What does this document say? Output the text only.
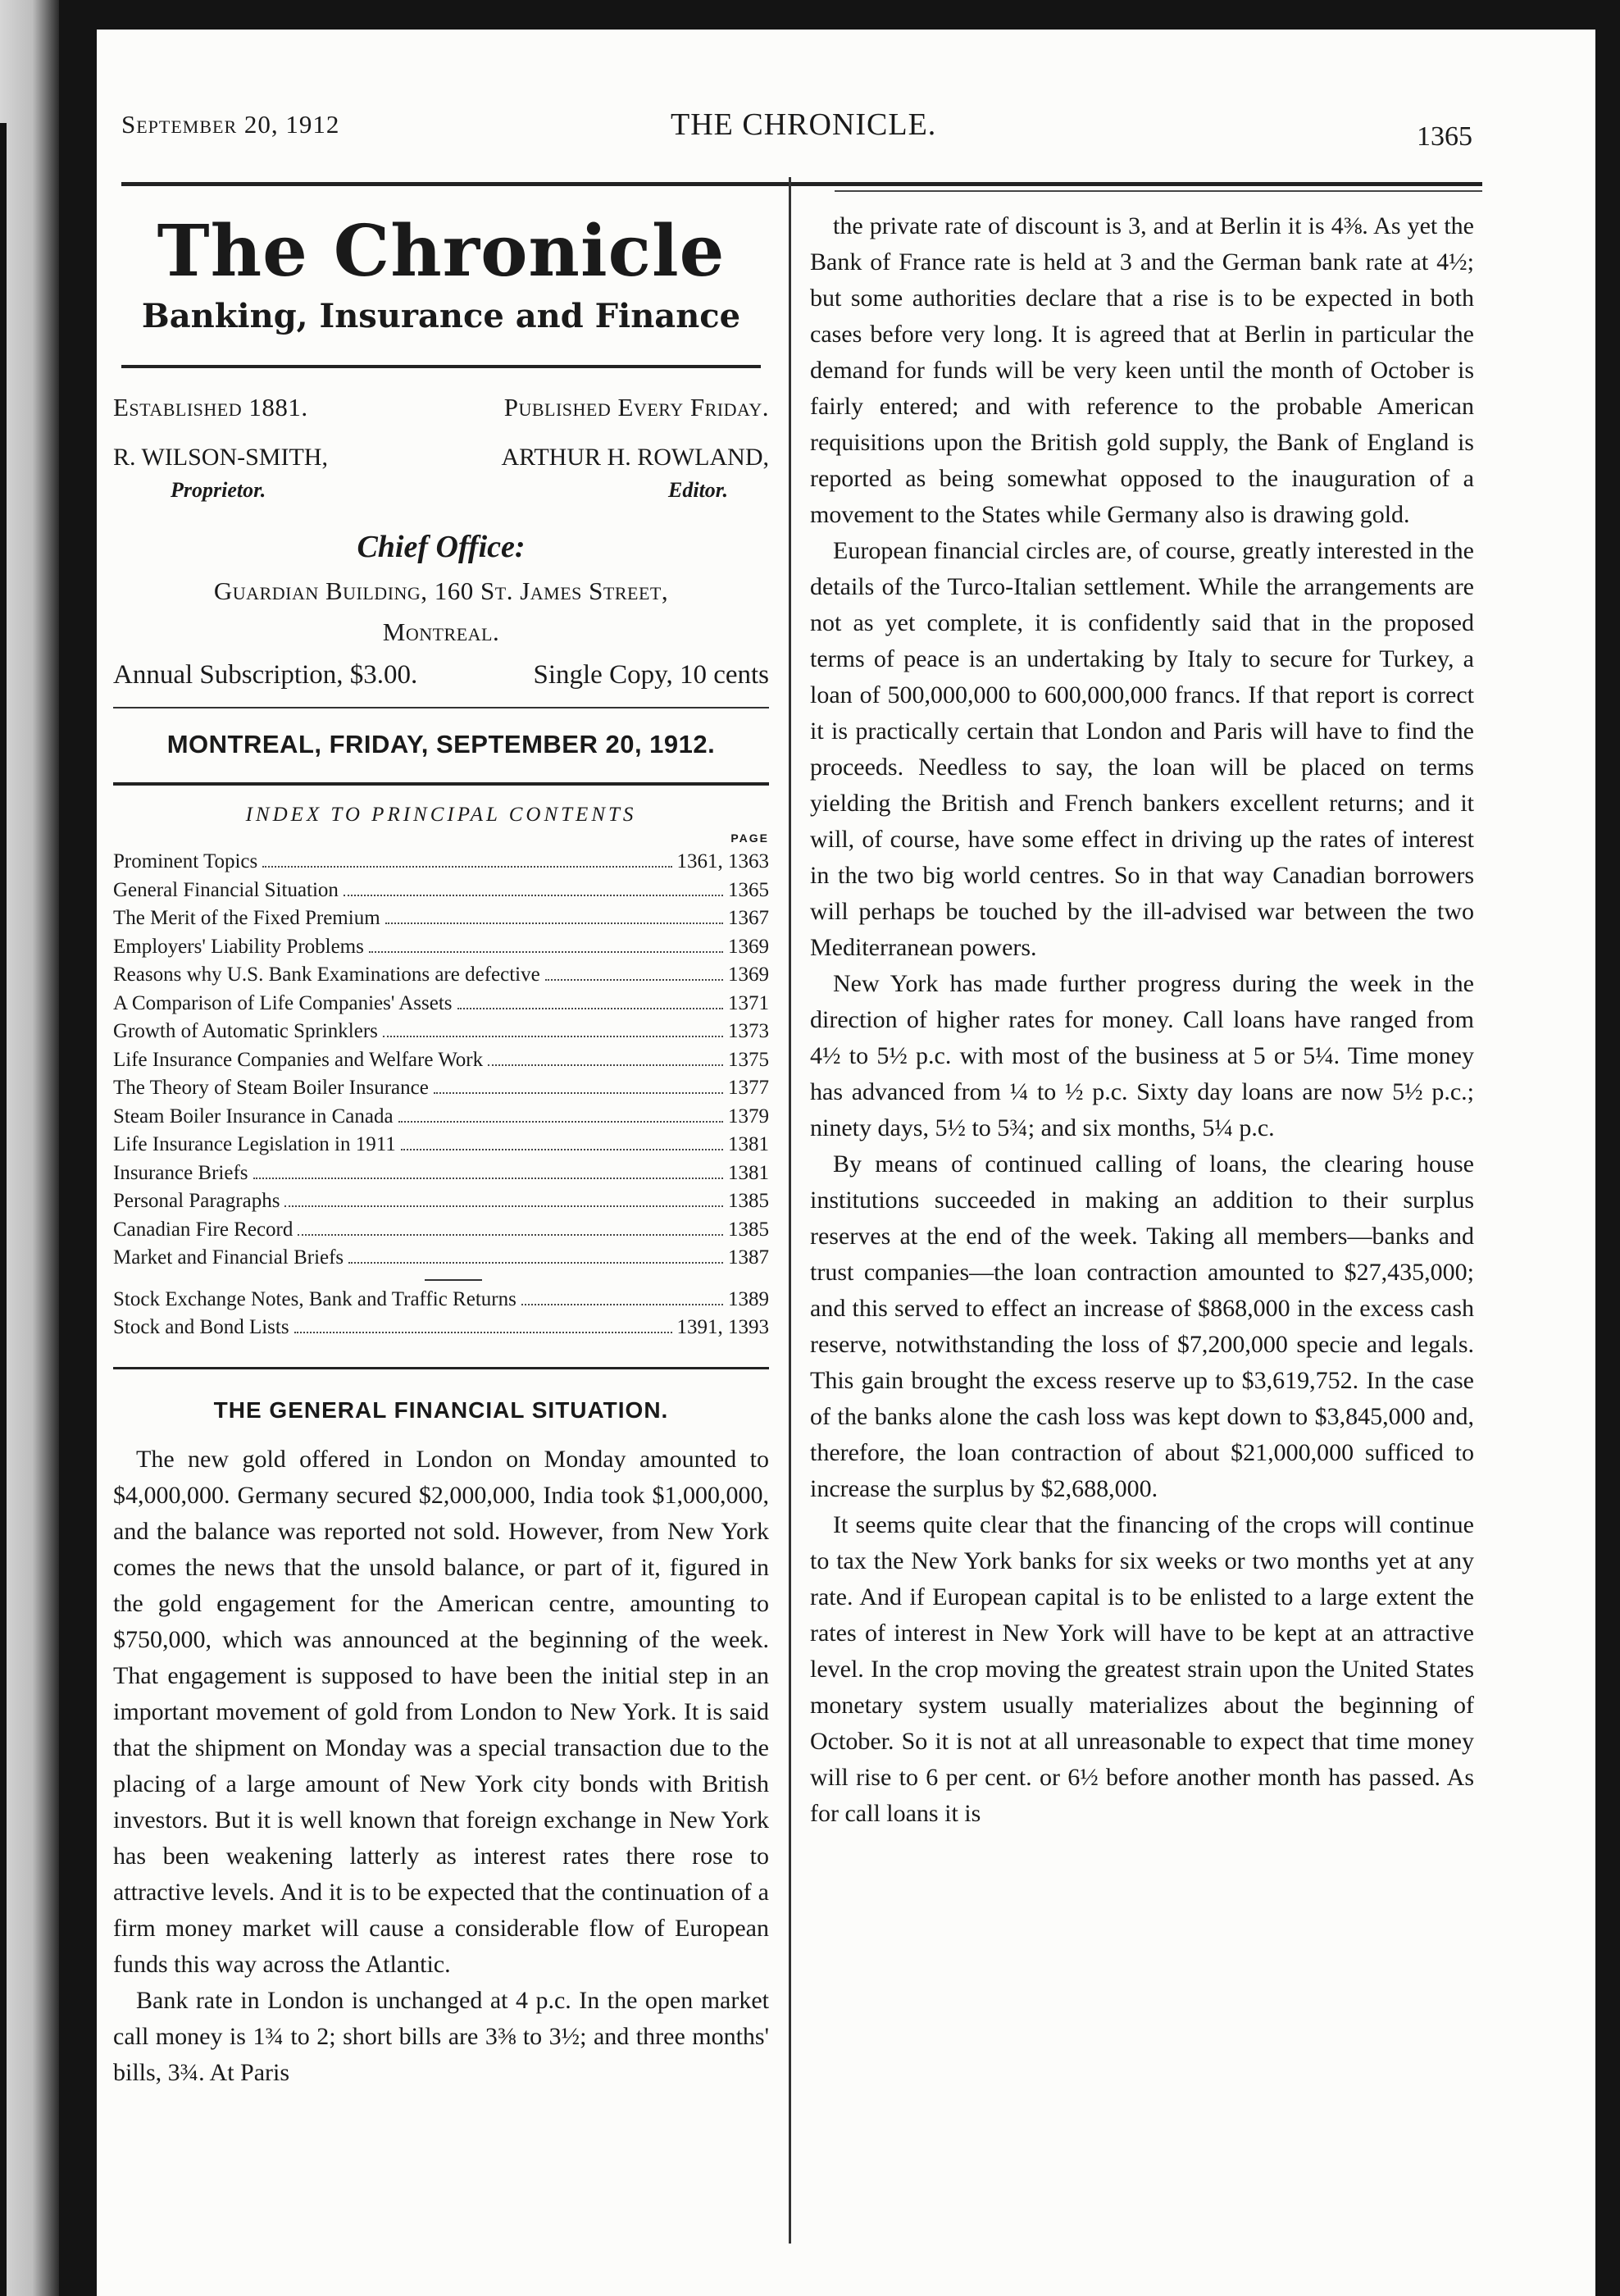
September 20, 1912	THE CHRONICLE.	1365
The Chronicle
Banking, Insurance and Finance
Established 1881.	Published Every Friday.
R. WILSON-SMITH,	ARTHUR H. ROWLAND,
Proprietor.	Editor.
Chief Office:
Guardian Building, 160 St. James Street,
Montreal.
Annual Subscription, $3.00.	Single Copy, 10 cents
MONTREAL, FRIDAY, SEPTEMBER 20, 1912.
INDEX TO PRINCIPAL CONTENTS
PAGE
Prominent Topics	1361, 1363
General Financial Situation	1365
The Merit of the Fixed Premium	1367
Employers' Liability Problems	1369
Reasons why U.S. Bank Examinations are defective	1369
A Comparison of Life Companies' Assets	1371
Growth of Automatic Sprinklers	1373
Life Insurance Companies and Welfare Work	1375
The Theory of Steam Boiler Insurance	1377
Steam Boiler Insurance in Canada	1379
Life Insurance Legislation in 1911	1381
Insurance Briefs	1381
Personal Paragraphs	1385
Canadian Fire Record	1385
Market and Financial Briefs	1387
Stock Exchange Notes, Bank and Traffic Returns	1389
Stock and Bond Lists	1391, 1393
THE GENERAL FINANCIAL SITUATION.

The new gold offered in London on Monday amounted to $4,000,000. Germany secured $2,000,000, India took $1,000,000, and the balance was reported not sold. However, from New York comes the news that the unsold balance, or part of it, figured in the gold engagement for the American centre, amounting to $750,000, which was announced at the beginning of the week. That engagement is supposed to have been the initial step in an important movement of gold from London to New York. It is said that the shipment on Monday was a special transaction due to the placing of a large amount of New York city bonds with British investors. But it is well known that foreign exchange in New York has been weakening latterly as interest rates there rose to attractive levels. And it is to be expected that the continuation of a firm money market will cause a considerable flow of European funds this way across the Atlantic.

Bank rate in London is unchanged at 4 p.c. In the open market call money is 1¾ to 2; short bills are 3⅜ to 3½; and three months' bills, 3¾. At Paris

the private rate of discount is 3, and at Berlin it is 4⅜. As yet the Bank of France rate is held at 3 and the German bank rate at 4½; but some authorities declare that a rise is to be expected in both cases before very long. It is agreed that at Berlin in particular the demand for funds will be very keen until the month of October is fairly entered; and with reference to the probable American requisitions upon the British gold supply, the Bank of England is reported as being somewhat opposed to the inauguration of a movement to the States while Germany also is drawing gold.

European financial circles are, of course, greatly interested in the details of the Turco-Italian settlement. While the arrangements are not as yet complete, it is confidently said that in the proposed terms of peace is an undertaking by Italy to secure for Turkey, a loan of 500,000,000 to 600,000,000 francs. If that report is correct it is practically certain that London and Paris will have to find the proceeds. Needless to say, the loan will be placed on terms yielding the British and French bankers excellent returns; and it will, of course, have some effect in driving up the rates of interest in the two big world centres. So in that way Canadian borrowers will perhaps be touched by the ill-advised war between the two Mediterranean powers.

New York has made further progress during the week in the direction of higher rates for money. Call loans have ranged from 4½ to 5½ p.c. with most of the business at 5 or 5¼. Time money has advanced from ¼ to ½ p.c. Sixty day loans are now 5½ p.c.; ninety days, 5½ to 5¾; and six months, 5¼ p.c.

By means of continued calling of loans, the clearing house institutions succeeded in making an addition to their surplus reserves at the end of the week. Taking all members—banks and trust companies—the loan contraction amounted to $27,435,000; and this served to effect an increase of $868,000 in the excess cash reserve, notwithstanding the loss of $7,200,000 specie and legals. This gain brought the excess reserve up to $3,619,752. In the case of the banks alone the cash loss was kept down to $3,845,000 and, therefore, the loan contraction of about $21,000,000 sufficed to increase the surplus by $2,688,000.

It seems quite clear that the financing of the crops will continue to tax the New York banks for six weeks or two months yet at any rate. And if European capital is to be enlisted to a large extent the rates of interest in New York will have to be kept at an attractive level. In the crop moving the greatest strain upon the United States monetary system usually materializes about the beginning of October. So it is not at all unreasonable to expect that time money will rise to 6 per cent. or 6½ before another month has passed. As for call loans it is
